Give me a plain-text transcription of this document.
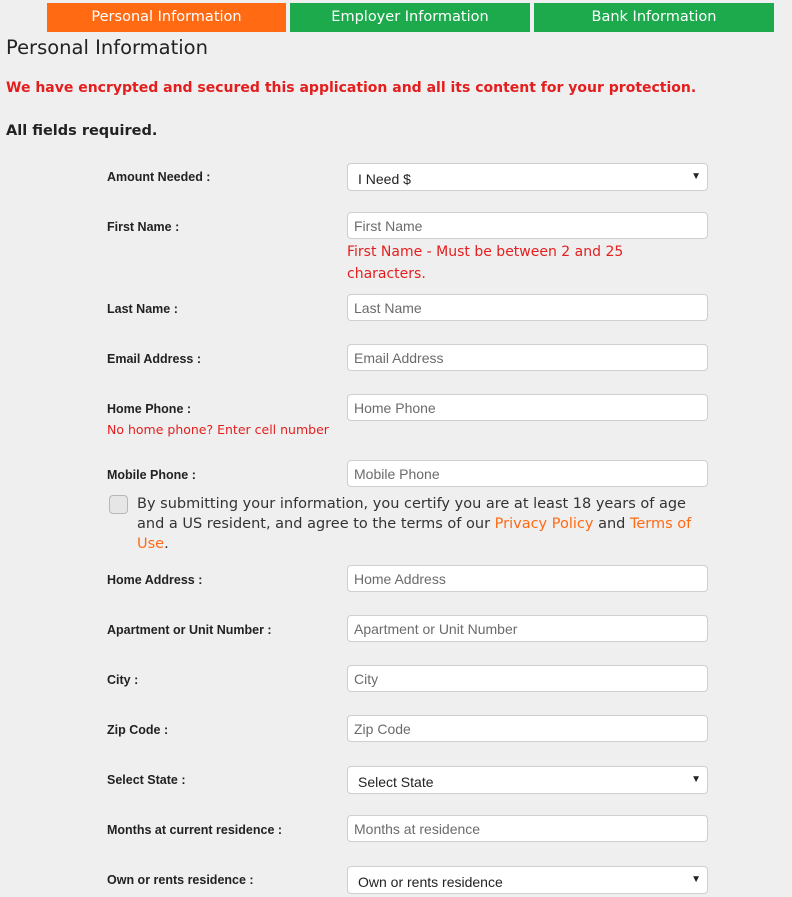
Personal Information	Employer Information	Bank Information
Personal Information
We have encrypted and secured this application and all its content for your protection.
All fields required.
Amount Needed :	I Need $	▼
First Name :
First Name
First Name - Must be between 2 and 25 characters.
Last Name :
Last Name
Email Address :
Email Address
Home Phone :
Home Phone
No home phone? Enter cell number
Mobile Phone :
Mobile Phone
By submitting your information, you certify you are at least 18 years of age and a US resident, and agree to the terms of our Privacy Policy and Terms of Use.
Home Address :
Home Address
Apartment or Unit Number :
Apartment or Unit Number
City :
City
Zip Code :
Zip Code
Select State :	Select State	▼
Months at current residence :
Months at residence
Own or rents residence :	Own or rents residence	▼
